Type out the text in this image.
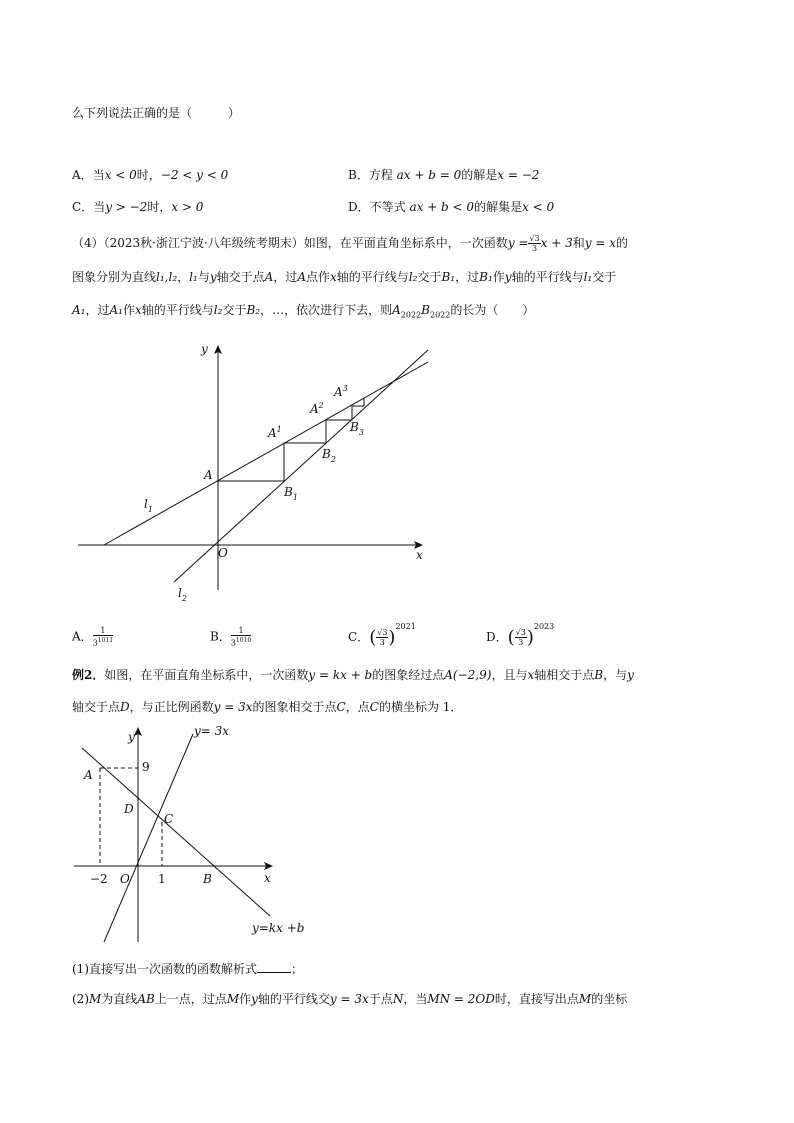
么下列说法正确的是（　　　）
A．当x < 0时，−2 < y < 0	B．方程 ax + b = 0的解是x = −2
C．当y > −2时，x > 0	D．不等式 ax + b < 0的解集是x < 0
（4）（2023秋·浙江宁波·八年级统考期末）如图，在平面直角坐标系中，一次函数$y = \frac{√3}{3}$ x + 3和y = x的
图象分别为直线l₁,l₂，l₁与y轴交于点A，过A点作x轴的平行线与l₂交于B₁，过B₁作y轴的平行线与l₁交于
A₁，过A₁作x轴的平行线与l₂交于B₂，…，依次进行下去，则$A_{2022}B_{2022}$的长为（　　）
y
x
O
A
$A^1$
$A^2$
$A^3$
$B_1$
$B_2$
$B_3$
$l_1$
$l_2$
A． $\frac{1}{3^{1011}}$	B． $\frac{1}{3^{1010}}$	C．( $\frac{√3}{3} )^{2021}$
D．( $\frac{√3}{3} )^{2023}$
例2．如图，在平面直角坐标系中，一次函数y = kx + b的图象经过点A(−2,9)，且与x轴相交于点B，与y
轴交于点D，与正比例函数y = 3x的图象相交于点C，点C的横坐标为 1．
y= 3x
y=kx +b
y
x
A
D
C
B
O
9
−2	1
(1)直接写出一次函数的函数解析式	；
(2)M为直线AB上一点，过点M作y轴的平行线交y = 3x于点N，当MN = 2OD时，直接写出点M的坐标
